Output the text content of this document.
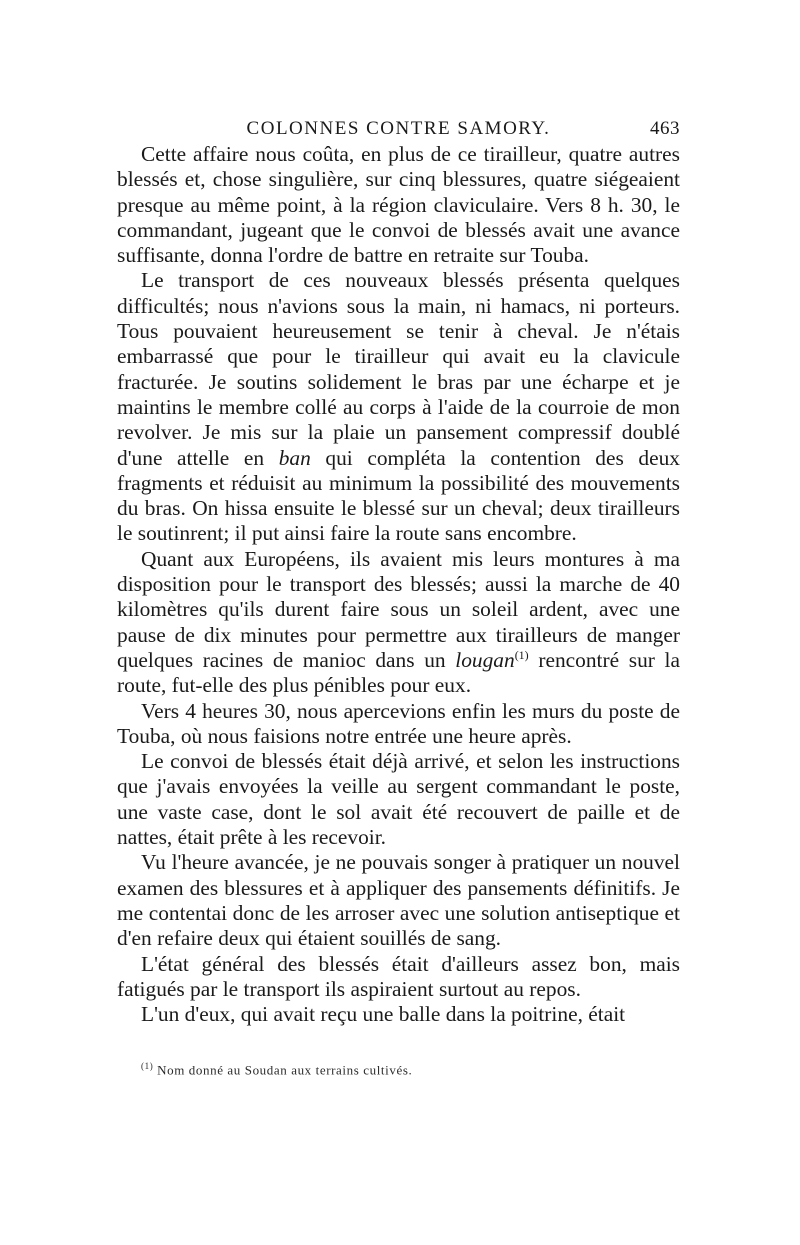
COLONNES CONTRE SAMORY.	463

Cette affaire nous coûta, en plus de ce tirailleur, quatre autres blessés et, chose singulière, sur cinq blessures, quatre siégeaient presque au même point, à la région claviculaire. Vers 8 h. 30, le commandant, jugeant que le convoi de blessés avait une avance suffisante, donna l'ordre de battre en retraite sur Touba.

Le transport de ces nouveaux blessés présenta quelques difficultés; nous n'avions sous la main, ni hamacs, ni porteurs. Tous pouvaient heureusement se tenir à cheval. Je n'étais embarrassé que pour le tirailleur qui avait eu la clavicule fracturée. Je soutins solidement le bras par une écharpe et je maintins le membre collé au corps à l'aide de la courroie de mon revolver. Je mis sur la plaie un pansement compressif doublé d'une attelle en ban qui compléta la contention des deux fragments et réduisit au minimum la possibilité des mouvements du bras. On hissa ensuite le blessé sur un cheval; deux tirailleurs le soutinrent; il put ainsi faire la route sans encombre.

Quant aux Européens, ils avaient mis leurs montures à ma disposition pour le transport des blessés; aussi la marche de 40 kilomètres qu'ils durent faire sous un soleil ardent, avec une pause de dix minutes pour permettre aux tirailleurs de manger quelques racines de manioc dans un lougan$^{(1)}$ rencontré sur la route, fut-elle des plus pénibles pour eux.

Vers 4 heures 30, nous apercevions enfin les murs du poste de Touba, où nous faisions notre entrée une heure après.

Le convoi de blessés était déjà arrivé, et selon les instructions que j'avais envoyées la veille au sergent commandant le poste, une vaste case, dont le sol avait été recouvert de paille et de nattes, était prête à les recevoir.

Vu l'heure avancée, je ne pouvais songer à pratiquer un nouvel examen des blessures et à appliquer des pansements définitifs. Je me contentai donc de les arroser avec une solution antiseptique et d'en refaire deux qui étaient souillés de sang.

L'état général des blessés était d'ailleurs assez bon, mais fatigués par le transport ils aspiraient surtout au repos.

L'un d'eux, qui avait reçu une balle dans la poitrine, était

$^{(1)}$ Nom donné au Soudan aux terrains cultivés.
